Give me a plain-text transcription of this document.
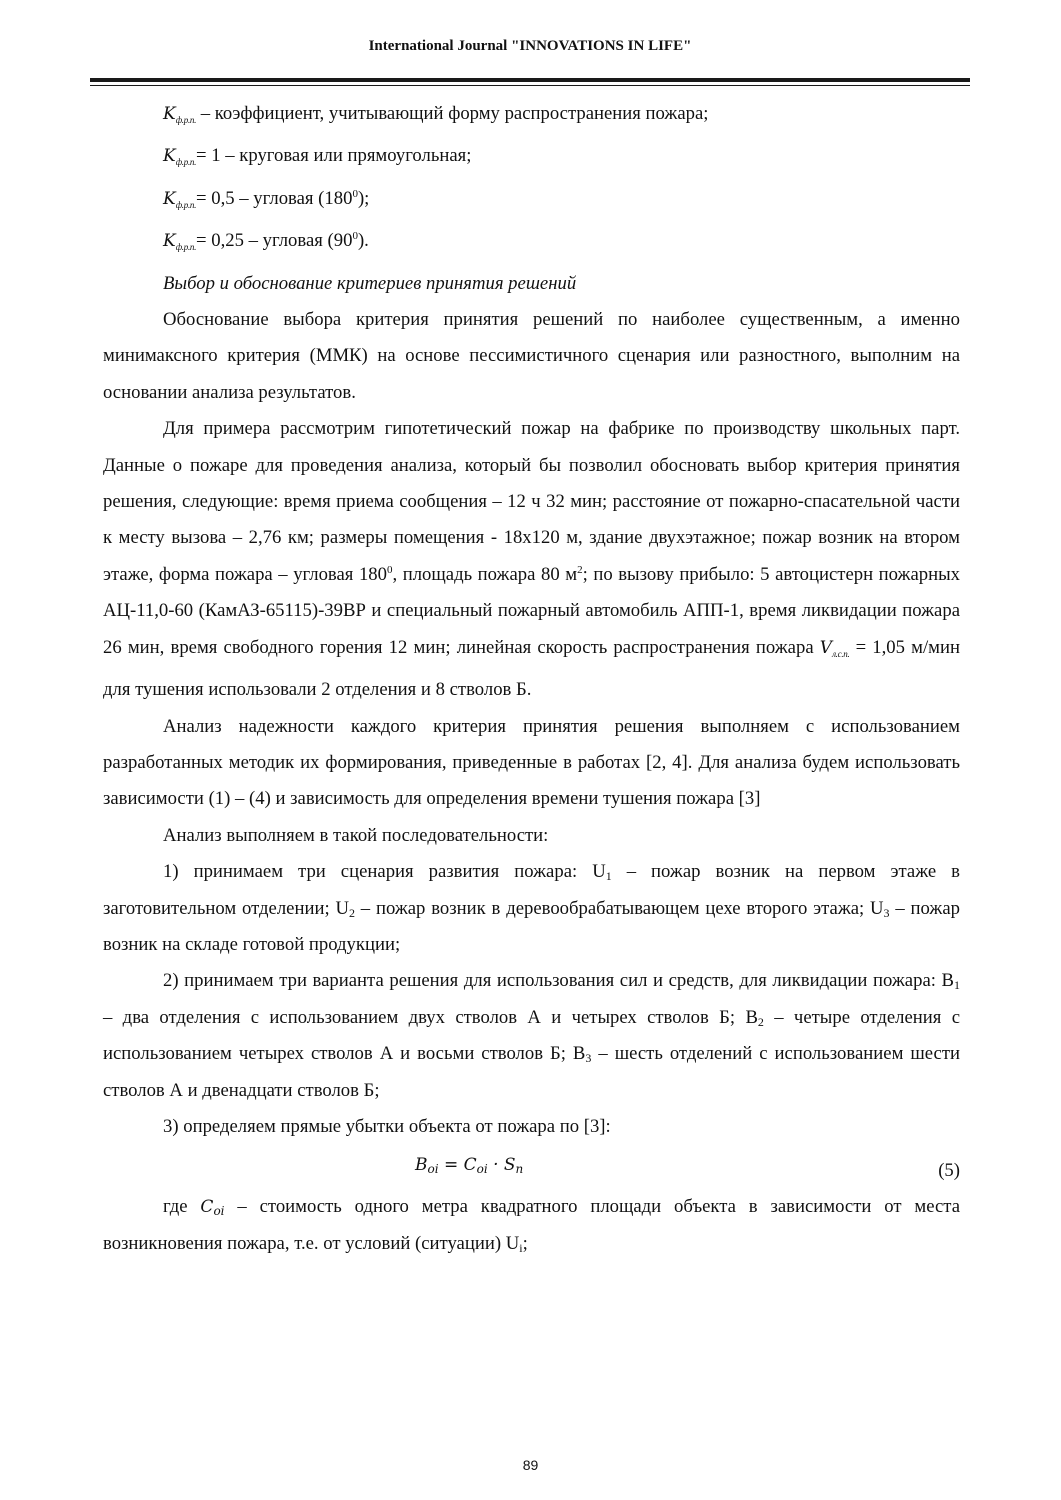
International Journal "INNOVATIONS IN LIFE"

$K_{ф.р.п.}$ – коэффициент, учитывающий форму распространения пожара;

$K_{ф.р.п.}= 1$ – круговая или прямоугольная;

$K_{ф.р.п.}= 0,5$ – угловая $(180^0)$;

$K_{ф.р.п.}= 0,25$ – угловая $(90^0)$.

Выбор и обоснование критериев принятия решений

Обоснование выбора критерия принятия решений по наиболее существенным, а именно минимаксного критерия (ММК) на основе пессимистичного сценария или разностного, выполним на основании анализа результатов.

Для примера рассмотрим гипотетический пожар на фабрике по производству школьных парт. Данные о пожаре для проведения анализа, который бы позволил обосновать выбор критерия принятия решения, следующие: время приема сообщения – 12 ч 32 мин; расстояние от пожарно-спасательной части к месту вызова – 2,76 км; размеры помещения - 18х120 м, здание двухэтажное; пожар возник на втором этаже, форма пожара – угловая $180^0$, площадь пожара 80 $м^2$; по вызову прибыло: 5 автоцистерн пожарных АЦ-11,0-60 (КамАЗ-65115)-39ВР и специальный пожарный автомобиль АПП-1, время ликвидации пожара 26 мин, время свободного горения 12 мин; линейная скорость распространения пожара $V_{л.с.п.} = 1,05$ м/мин для тушения использовали 2 отделения и 8 стволов Б.

Анализ надежности каждого критерия принятия решения выполняем с использованием разработанных методик их формирования, приведенные в работах [2, 4]. Для анализа будем использовать зависимости (1) – (4) и зависимость для определения времени тушения пожара [3]

Анализ выполняем в такой последовательности:

1) принимаем три сценария развития пожара: $U_1$ – пожар возник на первом этаже в заготовительном отделении; $U_2$ – пожар возник в деревообрабатывающем цехе второго этажа; $U_3$ – пожар возник на складе готовой продукции;

2) принимаем три варианта решения для использования сил и средств, для ликвидации пожара: $B_1$ – два отделения с использованием двух стволов А и четырех стволов Б; $B_2$ – четыре отделения с использованием четырех стволов А и восьми стволов Б; $B_3$ – шесть отделений с использованием шести стволов А и двенадцати стволов Б;

3) определяем прямые убытки объекта от пожара по [3]:

$B_{oi} = C_{oi} \cdot S_п$	(5)

где $C_{oi}$ – стоимость одного метра квадратного площади объекта в зависимости от места возникновения пожара, т.е. от условий (ситуации) $U_i$;

89
